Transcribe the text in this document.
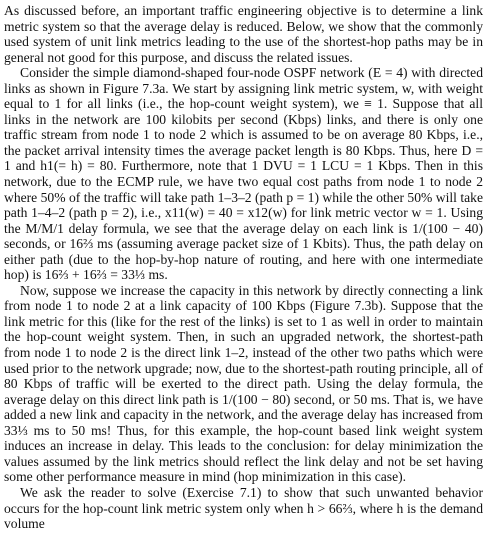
As discussed before, an important traffic engineering objective is to determine a link metric system so that the average delay is reduced. Below, we show that the commonly used system of unit link metrics leading to the use of the shortest-hop paths may be in general not good for this purpose, and discuss the related issues.

Consider the simple diamond-shaped four-node OSPF network (E = 4) with directed links as shown in Figure 7.3a. We start by assigning link metric system, w, with weight equal to 1 for all links (i.e., the hop-count weight system), we ≡ 1. Suppose that all links in the network are 100 kilobits per second (Kbps) links, and there is only one traffic stream from node 1 to node 2 which is assumed to be on average 80 Kbps, i.e., the packet arrival intensity times the average packet length is 80 Kbps. Thus, here D = 1 and h1(= h) = 80. Furthermore, note that 1 DVU = 1 LCU = 1 Kbps. Then in this network, due to the ECMP rule, we have two equal cost paths from node 1 to node 2 where 50% of the traffic will take path 1–3–2 (path p = 1) while the other 50% will take path 1–4–2 (path p = 2), i.e., x11(w) = 40 = x12(w) for link metric vector w = 1. Using the M/M/1 delay formula, we see that the average delay on each link is 1/(100 − 40) seconds, or 16⅔ ms (assuming average packet size of 1 Kbits). Thus, the path delay on either path (due to the hop-by-hop nature of routing, and here with one intermediate hop) is 16⅔ + 16⅔ = 33⅓ ms.

Now, suppose we increase the capacity in this network by directly connecting a link from node 1 to node 2 at a link capacity of 100 Kbps (Figure 7.3b). Suppose that the link metric for this (like for the rest of the links) is set to 1 as well in order to maintain the hop-count weight system. Then, in such an upgraded network, the shortest-path from node 1 to node 2 is the direct link 1–2, instead of the other two paths which were used prior to the network upgrade; now, due to the shortest-path routing principle, all of 80 Kbps of traffic will be exerted to the direct path. Using the delay formula, the average delay on this direct link path is 1/(100 − 80) second, or 50 ms. That is, we have added a new link and capacity in the network, and the average delay has increased from 33⅓ ms to 50 ms! Thus, for this example, the hop-count based link weight system induces an increase in delay. This leads to the conclusion: for delay minimization the values assumed by the link metrics should reflect the link delay and not be set having some other performance measure in mind (hop minimization in this case).

We ask the reader to solve (Exercise 7.1) to show that such unwanted behavior occurs for the hop-count link metric system only when h > 66⅔, where h is the demand volume
